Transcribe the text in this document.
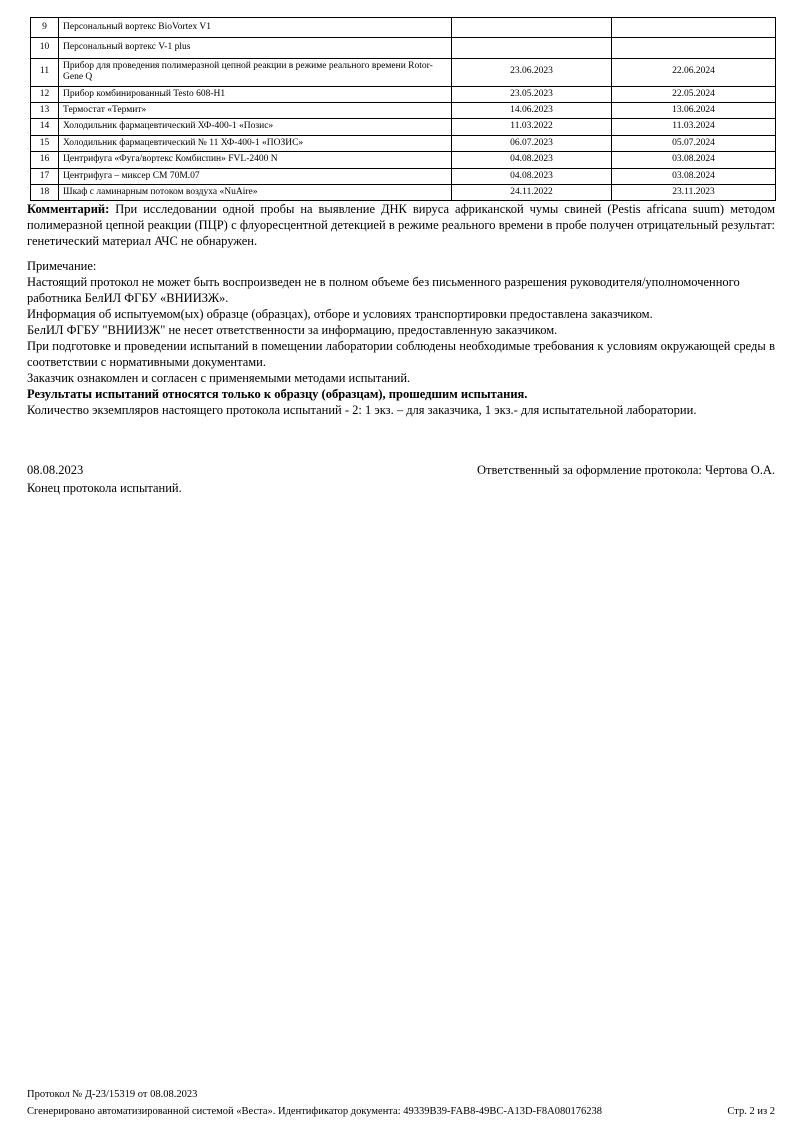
9	Персональный вортекс BioVortex V1		
10	Персональный вортекс V-1 plus		
11	Прибор для проведения полимеразной цепной реакции в режиме реального времени Rotor-Gene Q	23.06.2023	22.06.2024
12	Прибор комбинированный Testo 608-H1	23.05.2023	22.05.2024
13	Термостат «Термит»	14.06.2023	13.06.2024
14	Холодильник фармацевтический ХФ-400-1 «Позис»	11.03.2022	11.03.2024
15	Холодильник фармацевтический № 11 ХФ-400-1 «ПОЗИС»	06.07.2023	05.07.2024
16	Центрифуга «Фуга/вортекс Комбиспин» FVL-2400 N	04.08.2023	03.08.2024
17	Центрифуга – миксер СМ 70М.07	04.08.2023	03.08.2024
18	Шкаф с ламинарным потоком воздуха «NuAire»	24.11.2022	23.11.2023

Комментарий: При исследовании одной пробы на выявление ДНК вируса африканской чумы свиней (Pestis africana suum) методом полимеразной цепной реакции (ПЦР) с флуоресцентной детекцией в режиме реального времени в пробе получен отрицательный результат: генетический материал АЧС не обнаружен.

Примечание:

Настоящий протокол не может быть воспроизведен не в полном объеме без письменного разрешения руководителя/уполномоченного работника БелИЛ ФГБУ «ВНИИЗЖ».

Информация об испытуемом(ых) образце (образцах), отборе и условиях транспортировки предоставлена заказчиком.

БелИЛ ФГБУ "ВНИИЗЖ" не несет ответственности за информацию, предоставленную заказчиком.

При подготовке и проведении испытаний в помещении лаборатории соблюдены необходимые требования к условиям окружающей среды в соответствии с нормативными документами.

Заказчик ознакомлен и согласен с применяемыми методами испытаний.

Результаты испытаний относятся только к образцу (образцам), прошедшим испытания.

Количество экземпляров настоящего протокола испытаний - 2: 1 экз. – для заказчика, 1 экз.- для испытательной лаборатории.

08.08.2023	Ответственный за оформление протокола: Чертова О.А.
Конец протокола испытаний.
Протокол № Д-23/15319 от 08.08.2023
Сгенерировано автоматизированной системой «Веста». Идентификатор документа: 49339B39-FAB8-49BC-A13D-F8A080176238	Стр. 2 из 2
